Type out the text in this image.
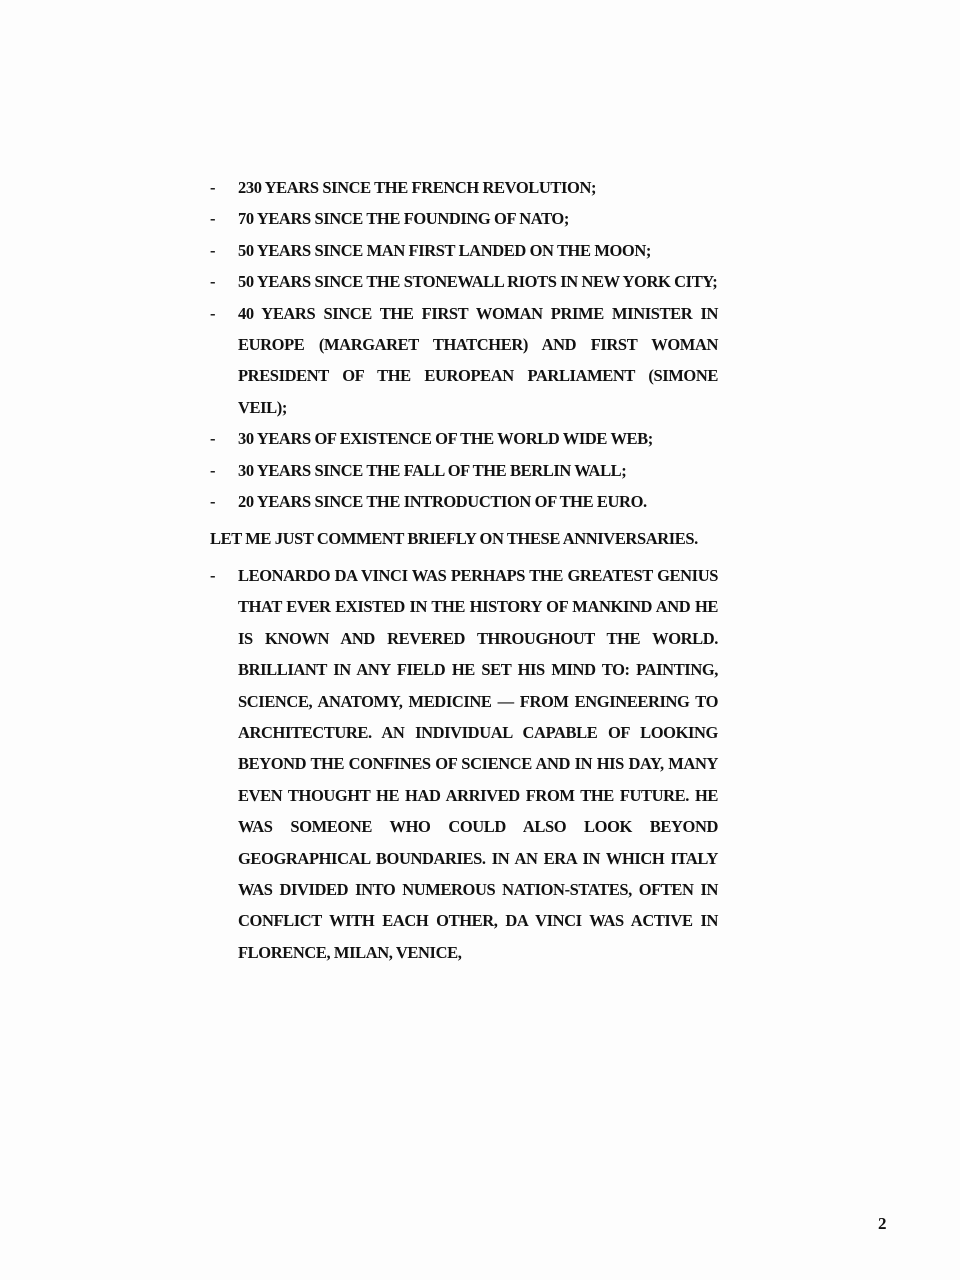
- 230 YEARS SINCE THE FRENCH REVOLUTION;
- 70 YEARS SINCE THE FOUNDING OF NATO;
- 50 YEARS SINCE MAN FIRST LANDED ON THE MOON;
- 50 YEARS SINCE THE STONEWALL RIOTS IN NEW YORK CITY;
- 40 YEARS SINCE THE FIRST WOMAN PRIME MINISTER IN EUROPE (MARGARET THATCHER) AND FIRST WOMAN PRESIDENT OF THE EUROPEAN PARLIAMENT (SIMONE VEIL);
- 30 YEARS OF EXISTENCE OF THE WORLD WIDE WEB;
- 30 YEARS SINCE THE FALL OF THE BERLIN WALL;
- 20 YEARS SINCE THE INTRODUCTION OF THE EURO.

LET ME JUST COMMENT BRIEFLY ON THESE ANNIVERSARIES.

- LEONARDO DA VINCI WAS PERHAPS THE GREATEST GENIUS THAT EVER EXISTED IN THE HISTORY OF MANKIND AND HE IS KNOWN AND REVERED THROUGHOUT THE WORLD. BRILLIANT IN ANY FIELD HE SET HIS MIND TO: PAINTING, SCIENCE, ANATOMY, MEDICINE — FROM ENGINEERING TO ARCHITECTURE. AN INDIVIDUAL CAPABLE OF LOOKING BEYOND THE CONFINES OF SCIENCE AND IN HIS DAY, MANY EVEN THOUGHT HE HAD ARRIVED FROM THE FUTURE. HE WAS SOMEONE WHO COULD ALSO LOOK BEYOND GEOGRAPHICAL BOUNDARIES. IN AN ERA IN WHICH ITALY WAS DIVIDED INTO NUMEROUS NATION-STATES, OFTEN IN CONFLICT WITH EACH OTHER, DA VINCI WAS ACTIVE IN FLORENCE, MILAN, VENICE,
2
